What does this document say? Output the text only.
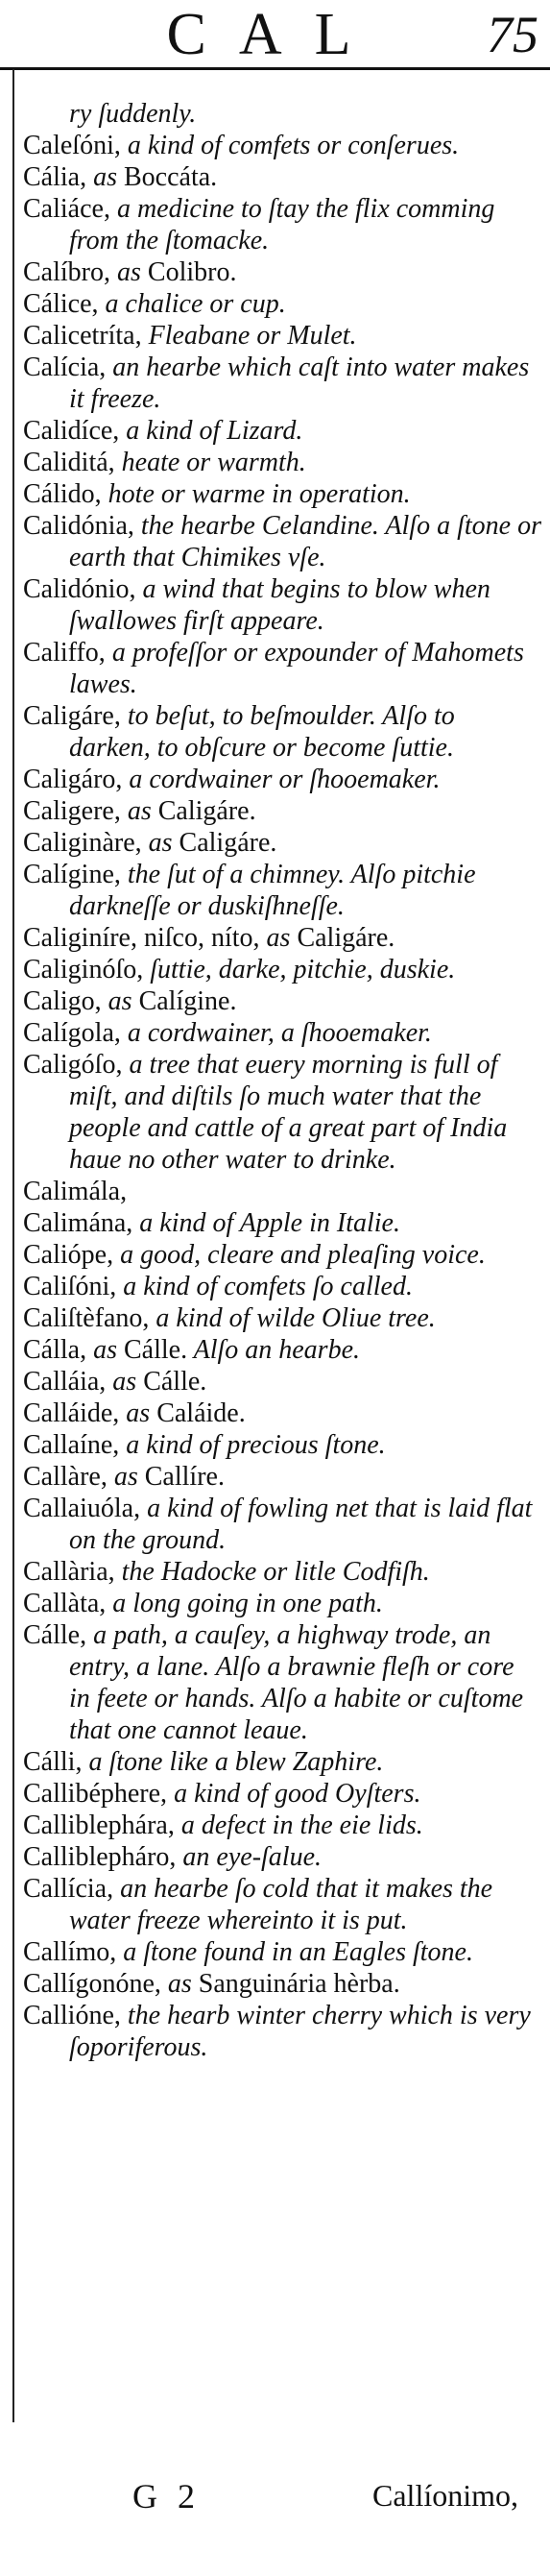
CAL	75
ry ſuddenly.
Caleſóni, a kind of comfets or conſerues.
Cália, as Boccáta.
Caliáce, a medicine to ſtay the flix comming from the ſtomacke.
Calíbro, as Colibro.
Cálice, a chalice or cup.
Calicetríta, Fleabane or Mulet.
Calícia, an hearbe which caſt into water makes it freeze.
Calidíce, a kind of Lizard.
Caliditá, heate or warmth.
Cálido, hote or warme in operation.
Calidónia, the hearbe Celandine. Alſo a ſtone or earth that Chimikes vſe.
Calidónio, a wind that begins to blow when ſwallowes firſt appeare.
Califfo, a profeſſor or expounder of Mahomets lawes.
Caligáre, to beſut, to beſmoulder. Alſo to darken, to obſcure or become ſuttie.
Caligáro, a cordwainer or ſhooemaker.
Caligere, as Caligáre.
Caliginàre, as Caligáre.
Calígine, the ſut of a chimney. Alſo pitchie darkneſſe or duskiſhneſſe.
Caliginíre, niſco, níto, as Caligáre.
Caliginóſo, ſuttie, darke, pitchie, duskie.
Caligo, as Calígine.
Calígola, a cordwainer, a ſhooemaker.
Caligóſo, a tree that euery morning is full of miſt, and diſtils ſo much water that the people and cattle of a great part of India haue no other water to drinke.
Calimála,
Calimána, a kind of Apple in Italie.
Caliópe, a good, cleare and pleaſing voice.
Caliſóni, a kind of comfets ſo called.
Caliſtèfano, a kind of wilde Oliue tree.
Cálla, as Cálle. Alſo an hearbe.
Calláia, as Cálle.
Calláide, as Caláide.
Callaíne, a kind of precious ſtone.
Callàre, as Callíre.
Callaiuóla, a kind of fowling net that is laid flat on the ground.
Callària, the Hadocke or litle Codfiſh.
Callàta, a long going in one path.
Cálle, a path, a cauſey, a highway trode, an entry, a lane. Alſo a brawnie fleſh or core in feete or hands. Alſo a habite or cuſtome that one cannot leaue.
Cálli, a ſtone like a blew Zaphire.
Callibéphere, a kind of good Oyſters.
Calliblephára, a defect in the eie lids.
Calliblepháro, an eye-ſalue.
Callícia, an hearbe ſo cold that it makes the water freeze whereinto it is put.
Callímo, a ſtone found in an Eagles ſtone.
Callígonóne, as Sanguinária hèrba.
Callióne, the hearb winter cherry which is very ſoporiferous.
G 2	Callíonimo,
